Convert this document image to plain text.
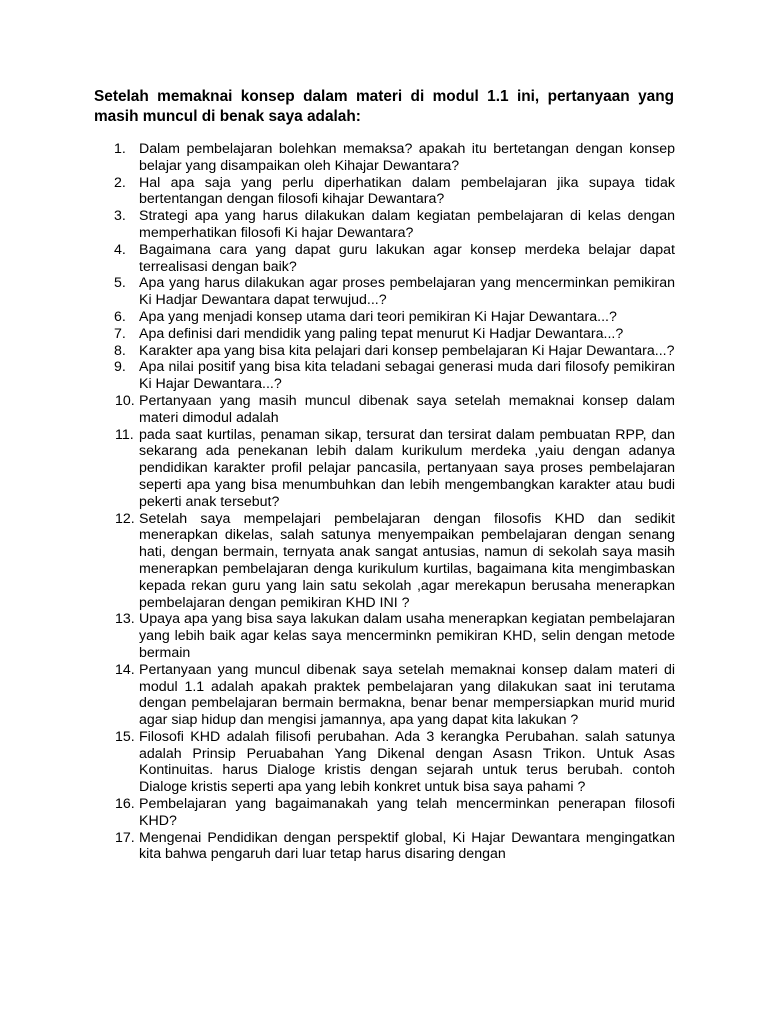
Setelah memaknai konsep dalam materi di modul 1.1 ini, pertanyaan yang masih muncul di benak saya adalah:

1. Dalam pembelajaran bolehkan memaksa? apakah itu bertetangan dengan konsep belajar yang disampaikan oleh Kihajar Dewantara?
2. Hal apa saja yang perlu diperhatikan dalam pembelajaran jika supaya tidak bertentangan dengan filosofi kihajar Dewantara?
3. Strategi apa yang harus dilakukan dalam kegiatan pembelajaran di kelas dengan memperhatikan filosofi Ki hajar Dewantara?
4. Bagaimana cara yang dapat guru lakukan agar konsep merdeka belajar dapat terrealisasi dengan baik?
5. Apa yang harus dilakukan agar proses pembelajaran yang mencerminkan pemikiran Ki Hadjar Dewantara dapat terwujud...?
6. Apa yang menjadi konsep utama dari teori pemikiran Ki Hajar Dewantara...?
7. Apa definisi dari mendidik yang paling tepat menurut Ki Hadjar Dewantara...?
8. Karakter apa yang bisa kita pelajari dari konsep pembelajaran Ki Hajar Dewantara...?
9. Apa nilai positif yang bisa kita teladani sebagai generasi muda dari filosofy pemikiran Ki Hajar Dewantara...?
10. Pertanyaan yang masih muncul dibenak saya setelah memaknai konsep dalam materi dimodul adalah
11. pada saat kurtilas, penaman sikap, tersurat dan tersirat dalam pembuatan RPP, dan sekarang ada penekanan lebih dalam kurikulum merdeka ,yaiu dengan adanya pendidikan karakter profil pelajar pancasila, pertanyaan saya proses pembelajaran seperti apa yang bisa menumbuhkan dan lebih mengembangkan karakter atau budi pekerti anak tersebut?
12. Setelah saya mempelajari pembelajaran dengan filosofis KHD dan sedikit menerapkan dikelas, salah satunya menyempaikan pembelajaran dengan senang hati, dengan bermain, ternyata anak sangat antusias, namun di sekolah saya masih menerapkan pembelajaran denga kurikulum kurtilas, bagaimana kita mengimbaskan kepada rekan guru yang lain satu sekolah ,agar merekapun berusaha menerapkan pembelajaran dengan pemikiran KHD INI ?
13. Upaya apa yang bisa saya lakukan dalam usaha menerapkan kegiatan pembelajaran yang lebih baik agar kelas saya mencerminkn pemikiran KHD, selin dengan metode bermain
14. Pertanyaan yang muncul dibenak saya setelah memaknai konsep dalam materi di modul 1.1 adalah apakah praktek pembelajaran yang dilakukan saat ini terutama dengan pembelajaran bermain bermakna, benar benar mempersiapkan murid murid agar siap hidup dan mengisi jamannya, apa yang dapat kita lakukan ?
15. Filosofi KHD adalah filisofi perubahan. Ada 3 kerangka Perubahan. salah satunya adalah Prinsip Peruabahan Yang Dikenal dengan Asasn Trikon. Untuk Asas Kontinuitas. harus Dialoge kristis dengan sejarah untuk terus berubah. contoh Dialoge kristis seperti apa yang lebih konkret untuk bisa saya pahami ?
16. Pembelajaran yang bagaimanakah yang telah mencerminkan penerapan filosofi KHD?
17. Mengenai Pendidikan dengan perspektif global, Ki Hajar Dewantara mengingatkan kita bahwa pengaruh dari luar tetap harus disaring dengan
